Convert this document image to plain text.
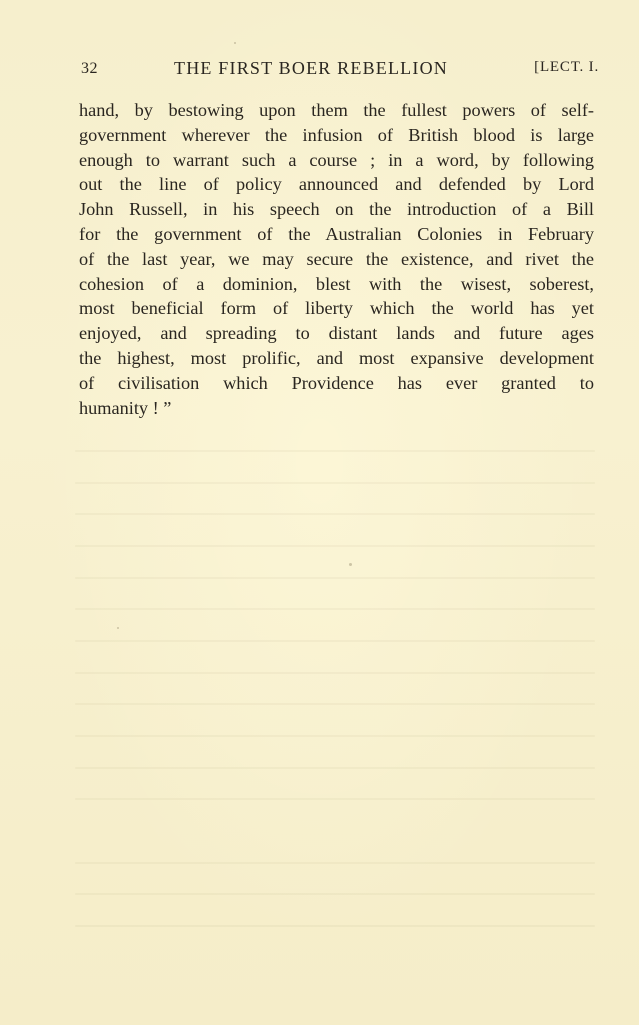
32	THE FIRST BOER REBELLION	[LECT. I.
hand, by bestowing upon them the fullest powers of self-
government wherever the infusion of British blood is large
enough to warrant such a course ; in a word, by following
out the line of policy announced and defended by Lord
John Russell, in his speech on the introduction of a Bill
for the government of the Australian Colonies in February
of the last year, we may secure the existence, and rivet the
cohesion of a dominion, blest with the wisest, soberest,
most beneficial form of liberty which the world has yet
enjoyed, and spreading to distant lands and future ages
the highest, most prolific, and most expansive development
of civilisation which Providence has ever granted to
humanity ! ”
